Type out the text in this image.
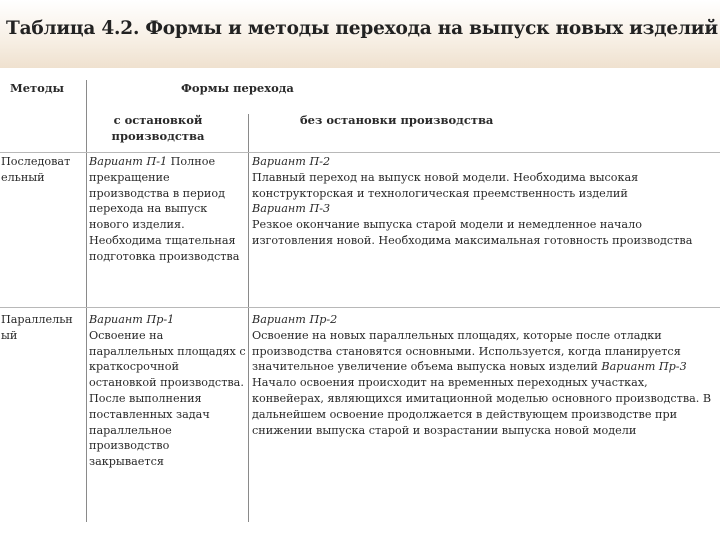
Таблица 4.2. Формы и методы перехода на выпуск новых изделий
Методы	Формы перехода
с остановкой производства
без остановки производства
Последоват ельный
Вариант П-1 Полное прекращение производства в период перехода на выпуск нового изделия. Необходима тщательная подготовка производства
Вариант П-2
Плавный переход на выпуск новой модели. Необходима высокая конструкторская и технологическая преемственность изделий
Вариант П-3
Резкое окончание выпуска старой модели и немедленное начало изготовления новой. Необходима максимальная готовность производства
Параллельн ый
Вариант Пр-1
Освоение на параллельных площадях с краткосрочной остановкой производства. После выполнения поставленных задач параллельное производство закрывается
Вариант Пр-2
Освоение на новых параллельных площадях, которые после отладки производства становятся основными. Используется, когда планируется значительное увеличение объема выпуска новых изделий Вариант Пр-3 Начало освоения происходит на временных переходных участках, конвейерах, являющихся имитационной моделью основного производства. В дальнейшем освоение продолжается в действующем производстве при снижении выпуска старой и возрастании выпуска новой модели
